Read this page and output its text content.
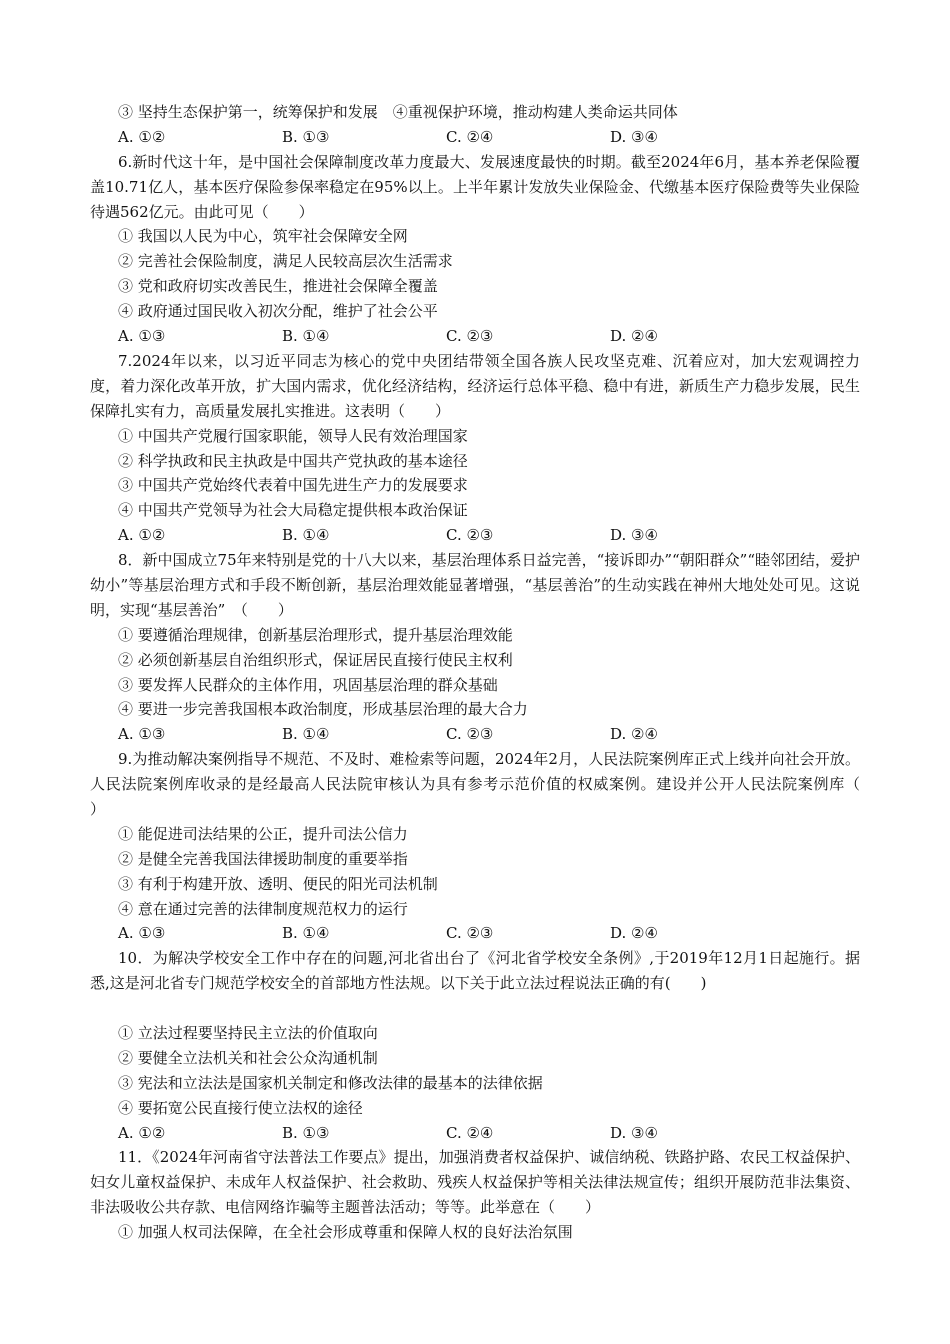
③ 坚持生态保护第一，统筹保护和发展　④重视保护环境，推动构建人类命运共同体
A. ①②	B. ①③	C. ②④	D. ③④
6.新时代这十年，是中国社会保障制度改革力度最大、发展速度最快的时期。截至2024年6月，基本养老保险覆盖10.71亿人，基本医疗保险参保率稳定在95%以上。上半年累计发放失业保险金、代缴基本医疗保险费等失业保险待遇562亿元。由此可见（　　）
① 我国以人民为中心，筑牢社会保障安全网
② 完善社会保险制度，满足人民较高层次生活需求
③ 党和政府切实改善民生，推进社会保障全覆盖
④ 政府通过国民收入初次分配，维护了社会公平
A. ①③	B. ①④	C. ②③	D. ②④
7.2024年以来，以习近平同志为核心的党中央团结带领全国各族人民攻坚克难、沉着应对，加大宏观调控力度，着力深化改革开放，扩大国内需求，优化经济结构，经济运行总体平稳、稳中有进，新质生产力稳步发展，民生保障扎实有力，高质量发展扎实推进。这表明（　　）
① 中国共产党履行国家职能，领导人民有效治理国家
② 科学执政和民主执政是中国共产党执政的基本途径
③ 中国共产党始终代表着中国先进生产力的发展要求
④ 中国共产党领导为社会大局稳定提供根本政治保证
A. ①②	B. ①④	C. ②③	D. ③④
8．新中国成立75年来特别是党的十八大以来，基层治理体系日益完善，“接诉即办”“朝阳群众”“睦邻团结，爱护幼小”等基层治理方式和手段不断创新，基层治理效能显著增强，“基层善治”的生动实践在神州大地处处可见。这说明，实现“基层善治”　（　　）
① 要遵循治理规律，创新基层治理形式，提升基层治理效能
② 必须创新基层自治组织形式，保证居民直接行使民主权利
③ 要发挥人民群众的主体作用，巩固基层治理的群众基础
④ 要进一步完善我国根本政治制度，形成基层治理的最大合力
A. ①③	B. ①④	C. ②③	D. ②④
9.为推动解决案例指导不规范、不及时、难检索等问题，2024年2月，人民法院案例库正式上线并向社会开放。人民法院案例库收录的是经最高人民法院审核认为具有参考示范价值的权威案例。建设并公开人民法院案例库（　　）
① 能促进司法结果的公正，提升司法公信力
② 是健全完善我国法律援助制度的重要举指
③ 有利于构建开放、透明、便民的阳光司法机制
④ 意在通过完善的法律制度规范权力的运行
A. ①③	B. ①④	C. ②③	D. ②④
10．为解决学校安全工作中存在的问题,河北省出台了《河北省学校安全条例》,于2019年12月1日起施行。据悉,这是河北省专门规范学校安全的首部地方性法规。以下关于此立法过程说法正确的有(　　)
① 立法过程要坚持民主立法的价值取向
② 要健全立法机关和社会公众沟通机制
③ 宪法和立法法是国家机关制定和修改法律的最基本的法律依据
④ 要拓宽公民直接行使立法权的途径
A. ①②	B. ①③	C. ②④	D. ③④
11．《2024年河南省守法普法工作要点》提出，加强消费者权益保护、诚信纳税、铁路护路、农民工权益保护、妇女儿童权益保护、未成年人权益保护、社会救助、残疾人权益保护等相关法律法规宣传；组织开展防范非法集资、非法吸收公共存款、电信网络诈骗等主题普法活动；等等。此举意在（　　）
① 加强人权司法保障，在全社会形成尊重和保障人权的良好法治氛围
